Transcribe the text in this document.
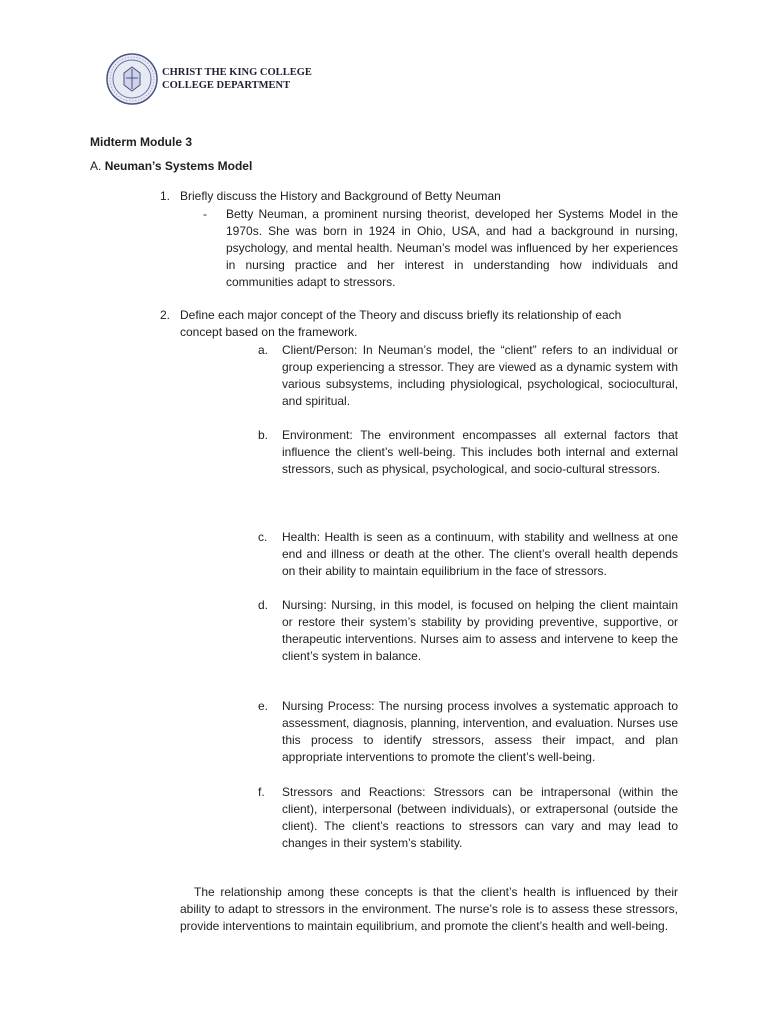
CHRIST THE KING COLLEGE
COLLEGE DEPARTMENT
Midterm Module 3
A. Neuman’s Systems Model
1. Briefly discuss the History and Background of Betty Neuman
- Betty Neuman, a prominent nursing theorist, developed her Systems Model in the 1970s. She was born in 1924 in Ohio, USA, and had a background in nursing, psychology, and mental health. Neuman’s model was influenced by her experiences in nursing practice and her interest in understanding how individuals and communities adapt to stressors.
2. Define each major concept of the Theory and discuss briefly its relationship of each concept based on the framework.
a. Client/Person: In Neuman’s model, the “client” refers to an individual or group experiencing a stressor. They are viewed as a dynamic system with various subsystems, including physiological, psychological, sociocultural, and spiritual.
b. Environment: The environment encompasses all external factors that influence the client’s well-being. This includes both internal and external stressors, such as physical, psychological, and socio-cultural stressors.
c. Health: Health is seen as a continuum, with stability and wellness at one end and illness or death at the other. The client’s overall health depends on their ability to maintain equilibrium in the face of stressors.
d. Nursing: Nursing, in this model, is focused on helping the client maintain or restore their system’s stability by providing preventive, supportive, or therapeutic interventions. Nurses aim to assess and intervene to keep the client’s system in balance.
e. Nursing Process: The nursing process involves a systematic approach to assessment, diagnosis, planning, intervention, and evaluation. Nurses use this process to identify stressors, assess their impact, and plan appropriate interventions to promote the client’s well-being.
f. Stressors and Reactions: Stressors can be intrapersonal (within the client), interpersonal (between individuals), or extrapersonal (outside the client). The client’s reactions to stressors can vary and may lead to changes in their system’s stability.
The relationship among these concepts is that the client’s health is influenced by their ability to adapt to stressors in the environment. The nurse’s role is to assess these stressors, provide interventions to maintain equilibrium, and promote the client’s health and well-being.
